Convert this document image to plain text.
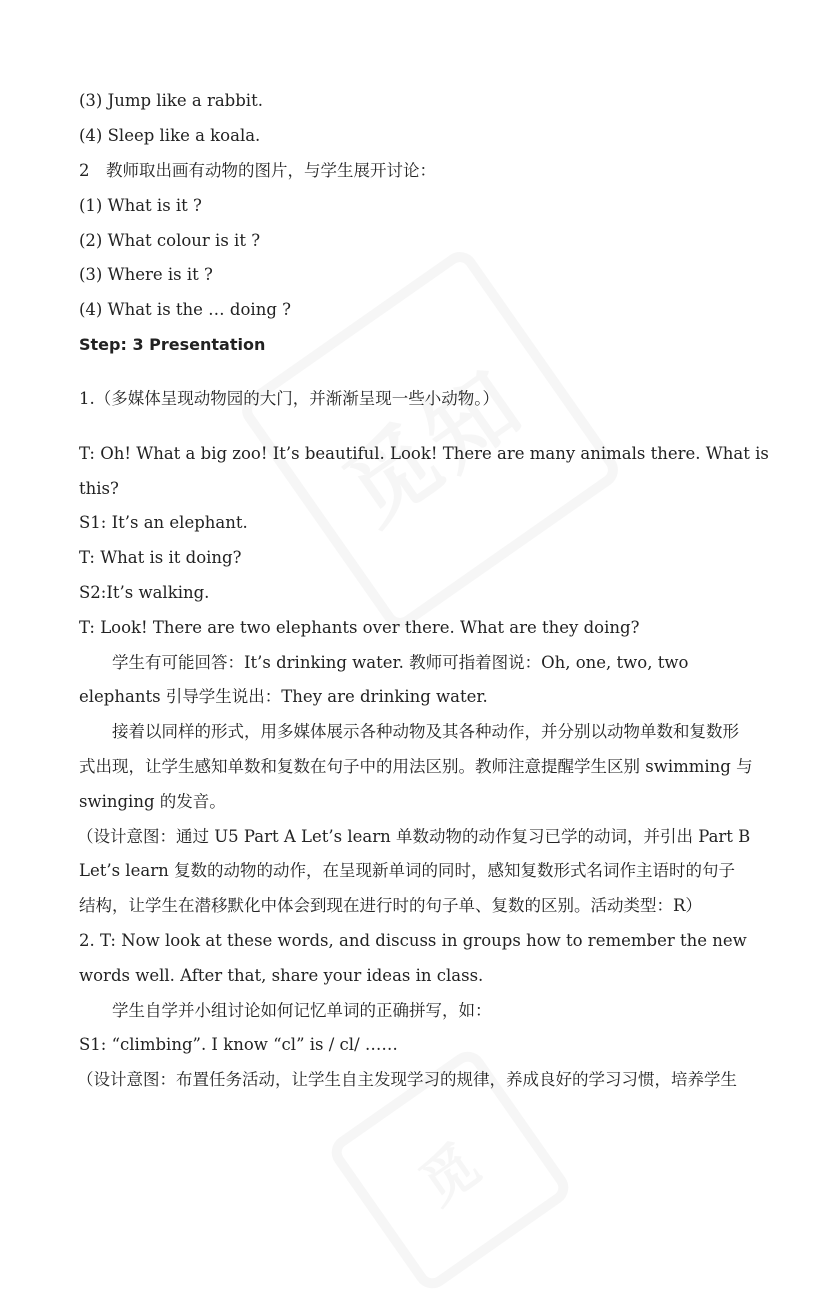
(3) Jump like a rabbit.
(4) Sleep like a koala.
2　教师取出画有动物的图片，与学生展开讨论：
(1) What is it ?
(2) What colour is it ?
(3) Where is it ?
(4) What is the … doing ?
Step: 3 Presentation
1.（多媒体呈现动物园的大门，并渐渐呈现一些小动物。）
T: Oh! What a big zoo! It’s beautiful. Look! There are many animals there. What is
this?
S1: It’s an elephant.
T: What is it doing?
S2:It’s walking.
T: Look! There are two elephants over there. What are they doing?
学生有可能回答：It’s drinking water. 教师可指着图说：Oh, one, two, two
elephants 引导学生说出：They are drinking water.
接着以同样的形式，用多媒体展示各种动物及其各种动作，并分别以动物单数和复数形
式出现，让学生感知单数和复数在句子中的用法区别。教师注意提醒学生区别 swimming 与
swinging 的发音。
（设计意图：通过 U5 Part A Let’s learn 单数动物的动作复习已学的动词，并引出 Part B
Let’s learn 复数的动物的动作，在呈现新单词的同时，感知复数形式名词作主语时的句子
结构，让学生在潜移默化中体会到现在进行时的句子单、复数的区别。活动类型：R）
2. T: Now look at these words, and discuss in groups how to remember the new
words well. After that, share your ideas in class.
学生自学并小组讨论如何记忆单词的正确拼写，如：
S1: “climbing”. I know “cl” is / cl/ ……
（设计意图：布置任务活动，让学生自主发现学习的规律，养成良好的学习习惯，培养学生
